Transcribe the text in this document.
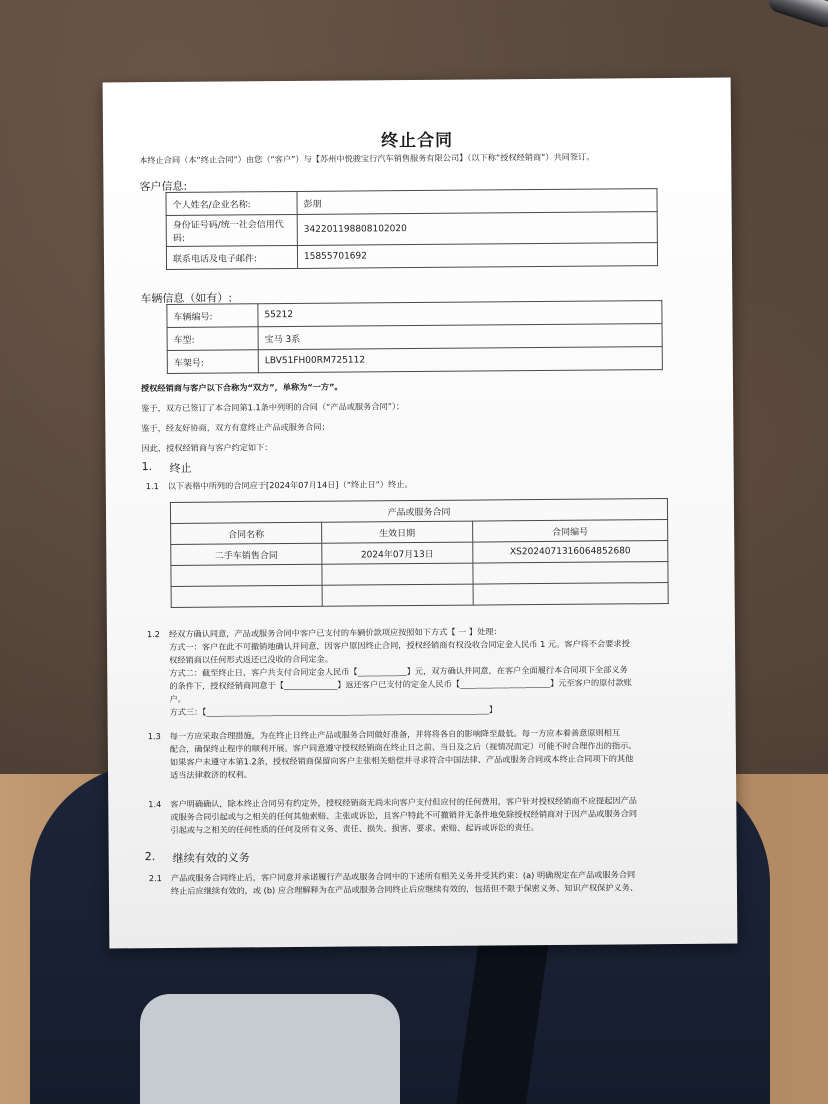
终止合同
本终止合同（本“终止合同”）由您（“客户”）与【苏州中悦骏宝行汽车销售服务有限公司】（以下称“授权经销商”）共同签订。
客户信息:
个人姓名/企业名称:	彭朋
身份证号码/统一社会信用代码:	342201198808102020
联系电话及电子邮件:	15855701692
车辆信息（如有）:
车辆编号:	55212
车型:	宝马 3系
车架号:	LBV51FH00RM725112
授权经销商与客户以下合称为“双方”，单称为“一方”。
鉴于，双方已签订了本合同第1.1条中列明的合同（“产品或服务合同”）；
鉴于，经友好协商，双方有意终止产品或服务合同；
因此，授权经销商与客户约定如下：
1. 终止
1.1 以下表格中所列的合同应于[2024年07月14日]（“终止日”）终止。
产品或服务合同		
合同名称	生效日期	合同编号
二手车销售合同	2024年07月13日	XS2024071316064852680

1.2 经双方确认同意，产品或服务合同中客户已支付的车辆价款项应按照如下方式【 一 】处理：
方式一：客户在此不可撤销地确认并同意，因客户原因终止合同，授权经销商有权没收合同定金人民币 1 元。客户将不会要求授
权经销商以任何形式返还已没收的合同定金。
方式二：截至终止日，客户共支付合同定金人民币【____________】元，双方确认并同意，在客户全面履行本合同项下全部义务
的条件下，授权经销商同意于【_____________】返还客户已支付的定金人民币【______________________】元至客户的原付款账
户。
方式三：【_____________________________________________________________________】
1.3 每一方应采取合理措施，为在终止日终止产品或服务合同做好准备，并将将各自的影响降至最低。每一方应本着善意原则相互
配合，确保终止程序的顺利开展。客户同意遵守授权经销商在终止日之前、当日及之后（视情况而定）可能不时合理作出的指示。
如果客户未遵守本第1.2条，授权经销商保留向客户主张相关赔偿并寻求符合中国法律、产品或服务合同或本终止合同项下的其他
适当法律救济的权利。
1.4 客户明确确认，除本终止合同另有约定外，授权经销商无尚未向客户支付但应付的任何费用，客户针对授权经销商不应提起因产品
或服务合同引起或与之相关的任何其他索赔、主张或诉讼，且客户特此不可撤销并无条件地免除授权经销商对于因产品或服务合同
引起或与之相关的任何性质的任何及所有义务、责任、损失、损害、要求、索赔、起诉或诉讼的责任。
2. 继续有效的义务
2.1 产品或服务合同终止后，客户同意并承诺履行产品或服务合同中的下述所有相关义务并受其约束：(a) 明确规定在产品或服务合同
终止后应继续有效的，或 (b) 应合理解释为在产品或服务合同终止后应继续有效的，包括但不限于保密义务、知识产权保护义务、
